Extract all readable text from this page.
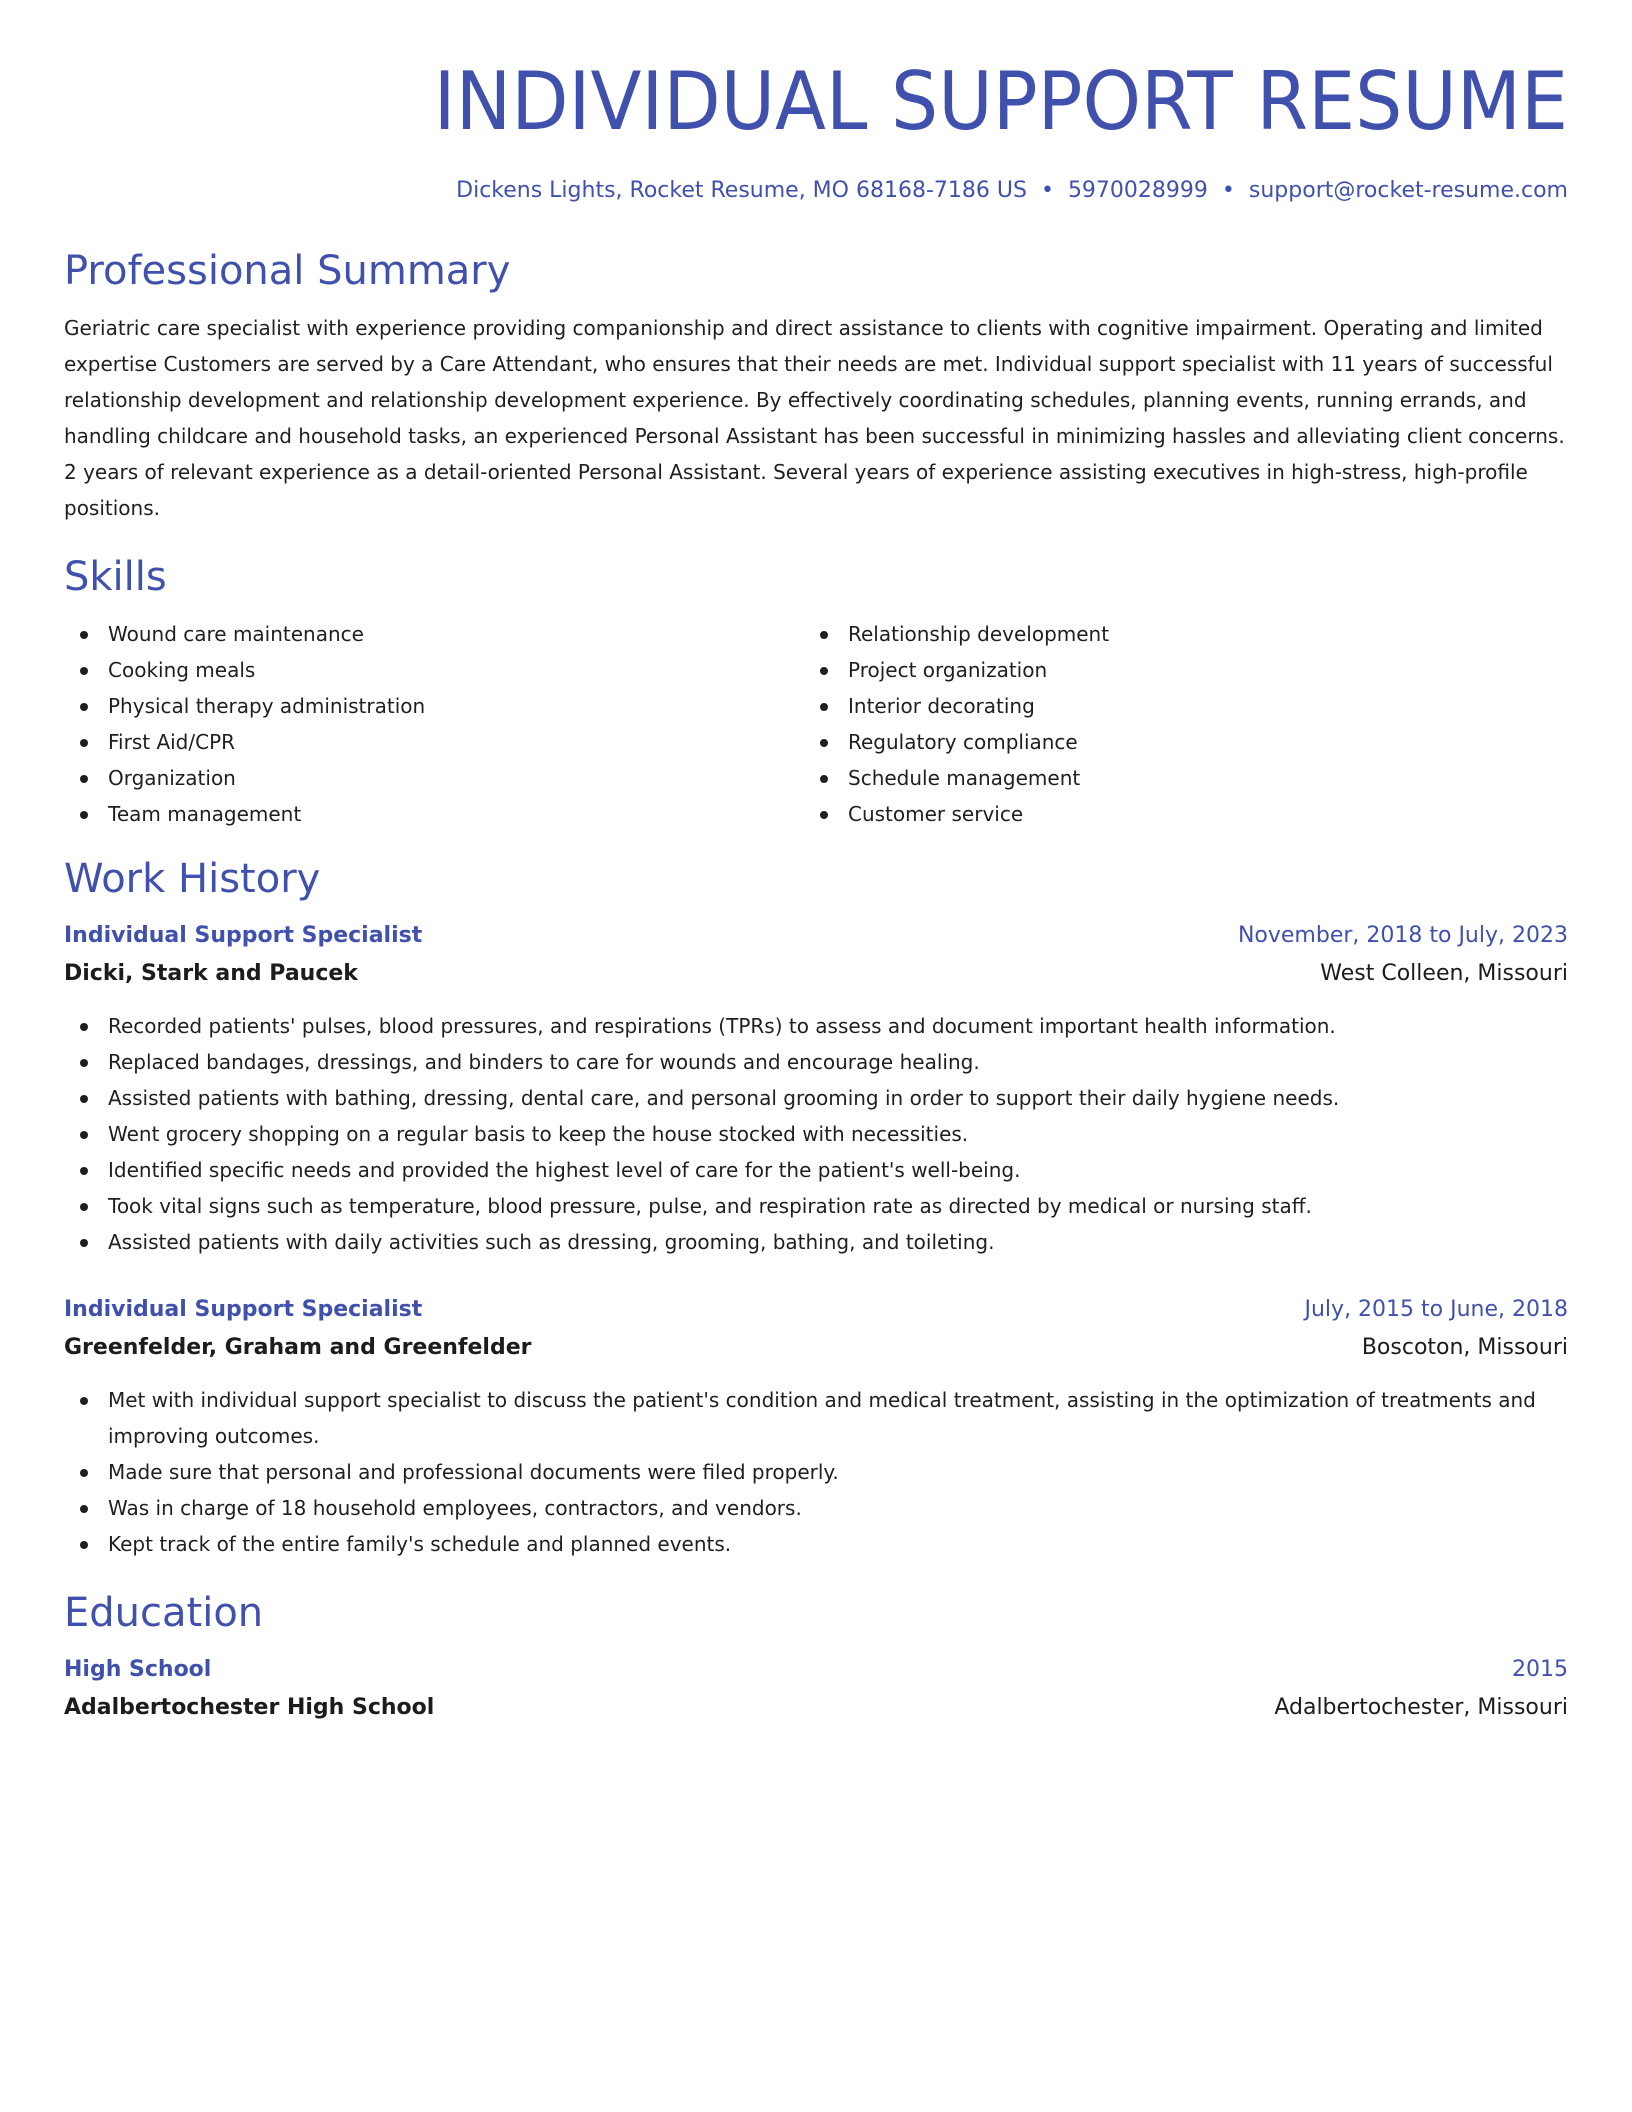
INDIVIDUAL SUPPORT RESUME
Dickens Lights, Rocket Resume, MO 68168-7186 US • 5970028999 • support@rocket-resume.com
Professional Summary

Geriatric care specialist with experience providing companionship and direct assistance to clients with cognitive impairment. Operating and limited expertise Customers are served by a Care Attendant, who ensures that their needs are met. Individual support specialist with 11 years of successful relationship development and relationship development experience. By effectively coordinating schedules, planning events, running errands, and handling childcare and household tasks, an experienced Personal Assistant has been successful in minimizing hassles and alleviating client concerns. 2 years of relevant experience as a detail-oriented Personal Assistant. Several years of experience assisting executives in high-stress, high-profile positions.

Skills
Wound care maintenance
Cooking meals
Physical therapy administration
First Aid/CPR
Organization
Team management
Relationship development
Project organization
Interior decorating
Regulatory compliance
Schedule management
Customer service
Work History
Individual Support Specialist	November, 2018 to July, 2023
Dicki, Stark and Paucek	West Colleen, Missouri
Recorded patients' pulses, blood pressures, and respirations (TPRs) to assess and document important health information.
Replaced bandages, dressings, and binders to care for wounds and encourage healing.
Assisted patients with bathing, dressing, dental care, and personal grooming in order to support their daily hygiene needs.
Went grocery shopping on a regular basis to keep the house stocked with necessities.
Identified specific needs and provided the highest level of care for the patient's well-being.
Took vital signs such as temperature, blood pressure, pulse, and respiration rate as directed by medical or nursing staff.
Assisted patients with daily activities such as dressing, grooming, bathing, and toileting.
Individual Support Specialist	July, 2015 to June, 2018
Greenfelder, Graham and Greenfelder	Boscoton, Missouri
Met with individual support specialist to discuss the patient's condition and medical treatment, assisting in the optimization of treatments and improving outcomes.
Made sure that personal and professional documents were filed properly.
Was in charge of 18 household employees, contractors, and vendors.
Kept track of the entire family's schedule and planned events.
Education
High School	2015
Adalbertochester High School	Adalbertochester, Missouri
